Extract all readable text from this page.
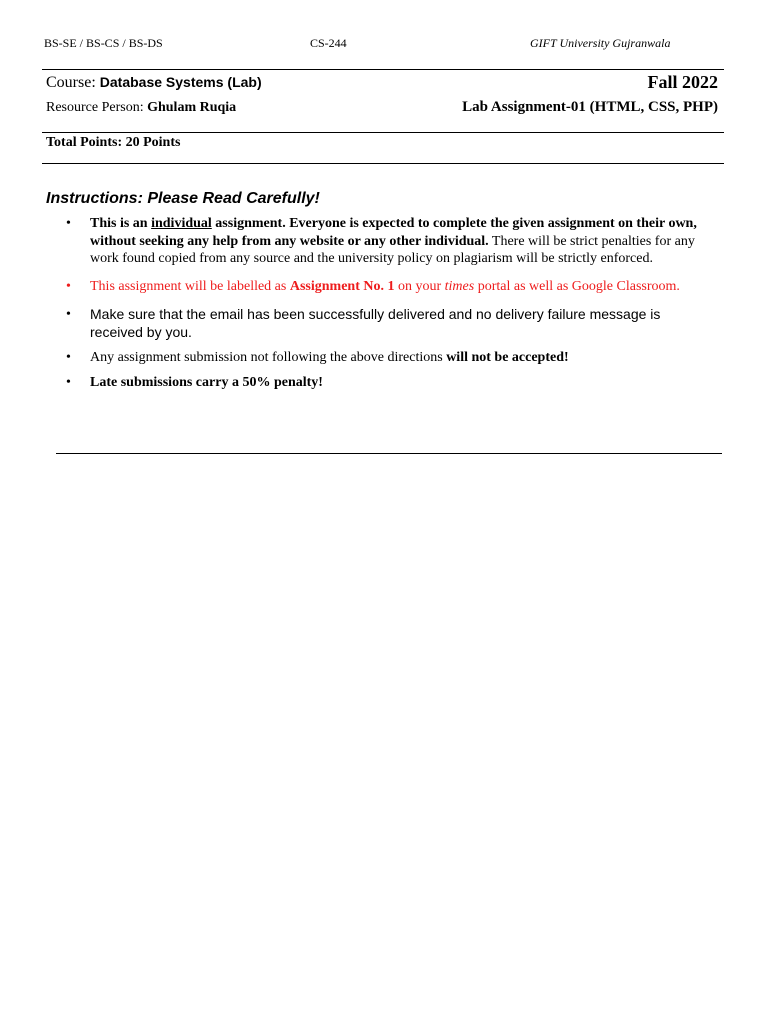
BS-SE / BS-CS / BS-DS	CS-244	GIFT University Gujranwala
Course: Database Systems (Lab)	Fall 2022
Resource Person: Ghulam Ruqia	Lab Assignment-01 (HTML, CSS, PHP)
Total Points: 20 Points
Instructions: Please Read Carefully!
• This is an individual assignment. Everyone is expected to complete the given assignment on their own, without seeking any help from any website or any other individual. There will be strict penalties for any work found copied from any source and the university policy on plagiarism will be strictly enforced.
• This assignment will be labelled as Assignment No. 1 on your times portal as well as Google Classroom.
• Make sure that the email has been successfully delivered and no delivery failure message is received by you.
• Any assignment submission not following the above directions will not be accepted!
• Late submissions carry a 50% penalty!
